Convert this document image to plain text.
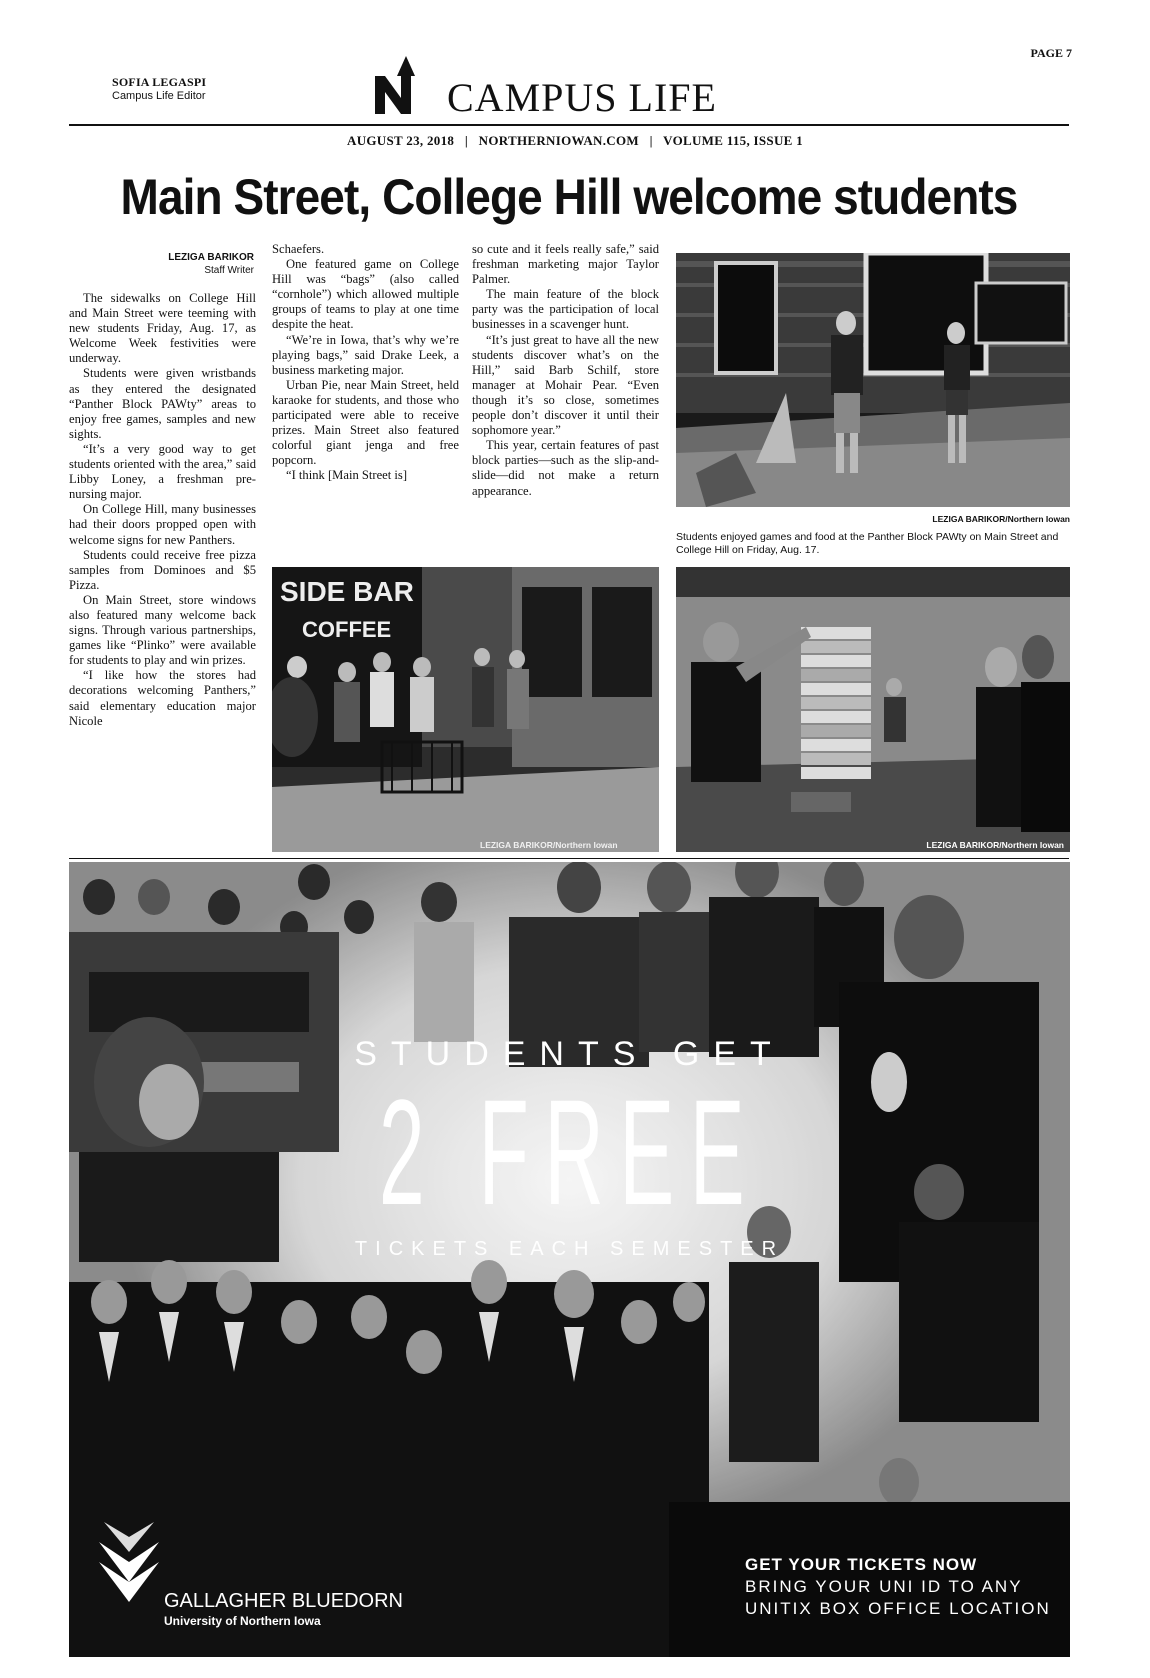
PAGE 7
SOFIA LEGASPI
Campus Life Editor	CAMPUS LIFE
AUGUST 23, 2018   |   NORTHERNIOWAN.COM   |   VOLUME 115, ISSUE 1
Main Street, College Hill welcome students
LEZIGA BARIKOR
Staff Writer

The sidewalks on College Hill and Main Street were teeming with new students Friday, Aug. 17, as Welcome Week festivities were underway.

Students were given wristbands as they entered the designated “Panther Block PAWty” areas to enjoy free games, samples and new sights.

“It’s a very good way to get students oriented with the area,” said Libby Loney, a freshman pre-nursing major.

On College Hill, many businesses had their doors propped open with welcome signs for new Panthers.

Students could receive free pizza samples from Dominoes and $5 Pizza.

On Main Street, store windows also featured many welcome back signs. Through various partnerships, games like “Plinko” were available for students to play and win prizes.

“I like how the stores had decorations welcoming Panthers,” said elementary education major Nicole

Schaefers.

One featured game on College Hill was “bags” (also called “cornhole”) which allowed multiple groups of teams to play at one time despite the heat.

“We’re in Iowa, that’s why we’re playing bags,” said Drake Leek, a business marketing major.

Urban Pie, near Main Street, held karaoke for students, and those who participated were able to receive prizes. Main Street also featured colorful giant jenga and free popcorn.

“I think [Main Street is]

so cute and it feels really safe,” said freshman marketing major Taylor Palmer.

The main feature of the block party was the participation of local businesses in a scavenger hunt.

“It’s just great to have all the new students discover what’s on the Hill,” said Barb Schilf, store manager at Mohair Pear. “Even though it’s so close, sometimes people don’t discover it until their sophomore year.”

This year, certain features of past block parties—such as the slip-and-slide—did not make a return appearance.

LEZIGA BARIKOR/Northern Iowan
Students enjoyed games and food at the Panther Block PAWty on Main Street and College Hill on Friday, Aug. 17.
SIDE BAR
COFFEE
LEZIGA BARIKOR/Northern Iowan	LEZIGA BARIKOR/Northern Iowan
STUDENTS GET
2 FREE
TICKETS EACH SEMESTER
GET YOUR TICKETS NOW
BRING YOUR UNI ID TO ANY
UNITIX BOX OFFICE LOCATION
GALLAGHER BLUEDORN
University of Northern Iowa
